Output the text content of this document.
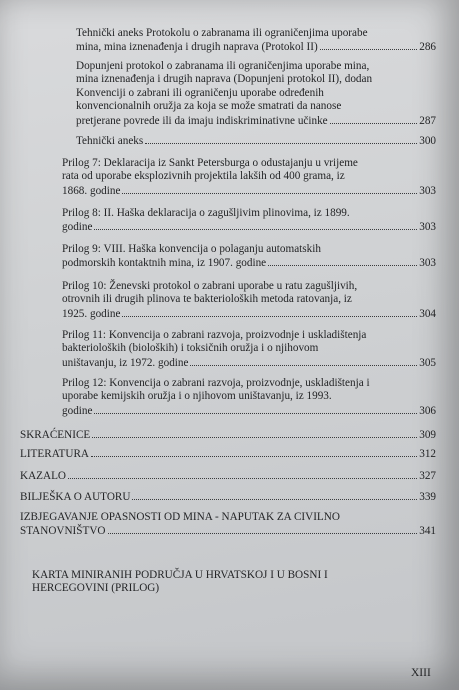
Tehnički aneks Protokolu o zabranama ili ograničenjima uporabe
mina, mina iznenađenja i drugih naprava (Protokol II)	286
Dopunjeni protokol o zabranama ili ograničenjima uporabe mina,
mina iznenađenja i drugih naprava (Dopunjeni protokol II), dodan
Konvenciji o zabrani ili ograničenju uporabe određenih
konvencionalnih oružja za koja se može smatrati da nanose
pretjerane povrede ili da imaju indiskriminativne učinke	287
Tehnički aneks	300
Prilog 7: Deklaracija iz Sankt Petersburga o odustajanju u vrijeme
rata od uporabe eksplozivnih projektila lakših od 400 grama, iz
1868. godine	303
Prilog 8: II. Haška deklaracija o zagušljivim plinovima, iz 1899.
godine	303
Prilog 9: VIII. Haška konvencija o polaganju automatskih
podmorskih kontaktnih mina, iz 1907. godine	303
Prilog 10: Ženevski protokol o zabrani uporabe u ratu zagušljivih,
otrovnih ili drugih plinova te bakterioloških metoda ratovanja, iz
1925. godine	304
Prilog 11: Konvencija o zabrani razvoja, proizvodnje i uskladištenja
bakterioloških (bioloških) i toksičnih oružja i o njihovom
uništavanju, iz 1972. godine	305
Prilog 12: Konvencija o zabrani razvoja, proizvodnje, uskladištenja i
uporabe kemijskih oružja i o njihovom uništavanju, iz 1993.
godine	306
SKRAĆENICE	309
LITERATURA	312
KAZALO	327
BILJEŠKA O AUTORU	339
IZBJEGAVANJE OPASNOSTI OD MINA - NAPUTAK ZA CIVILNO
STANOVNIŠTVO	341
KARTA MINIRANIH PODRUČJA U HRVATSKOJ I U BOSNI I
HERCEGOVINI (PRILOG)
XIII
